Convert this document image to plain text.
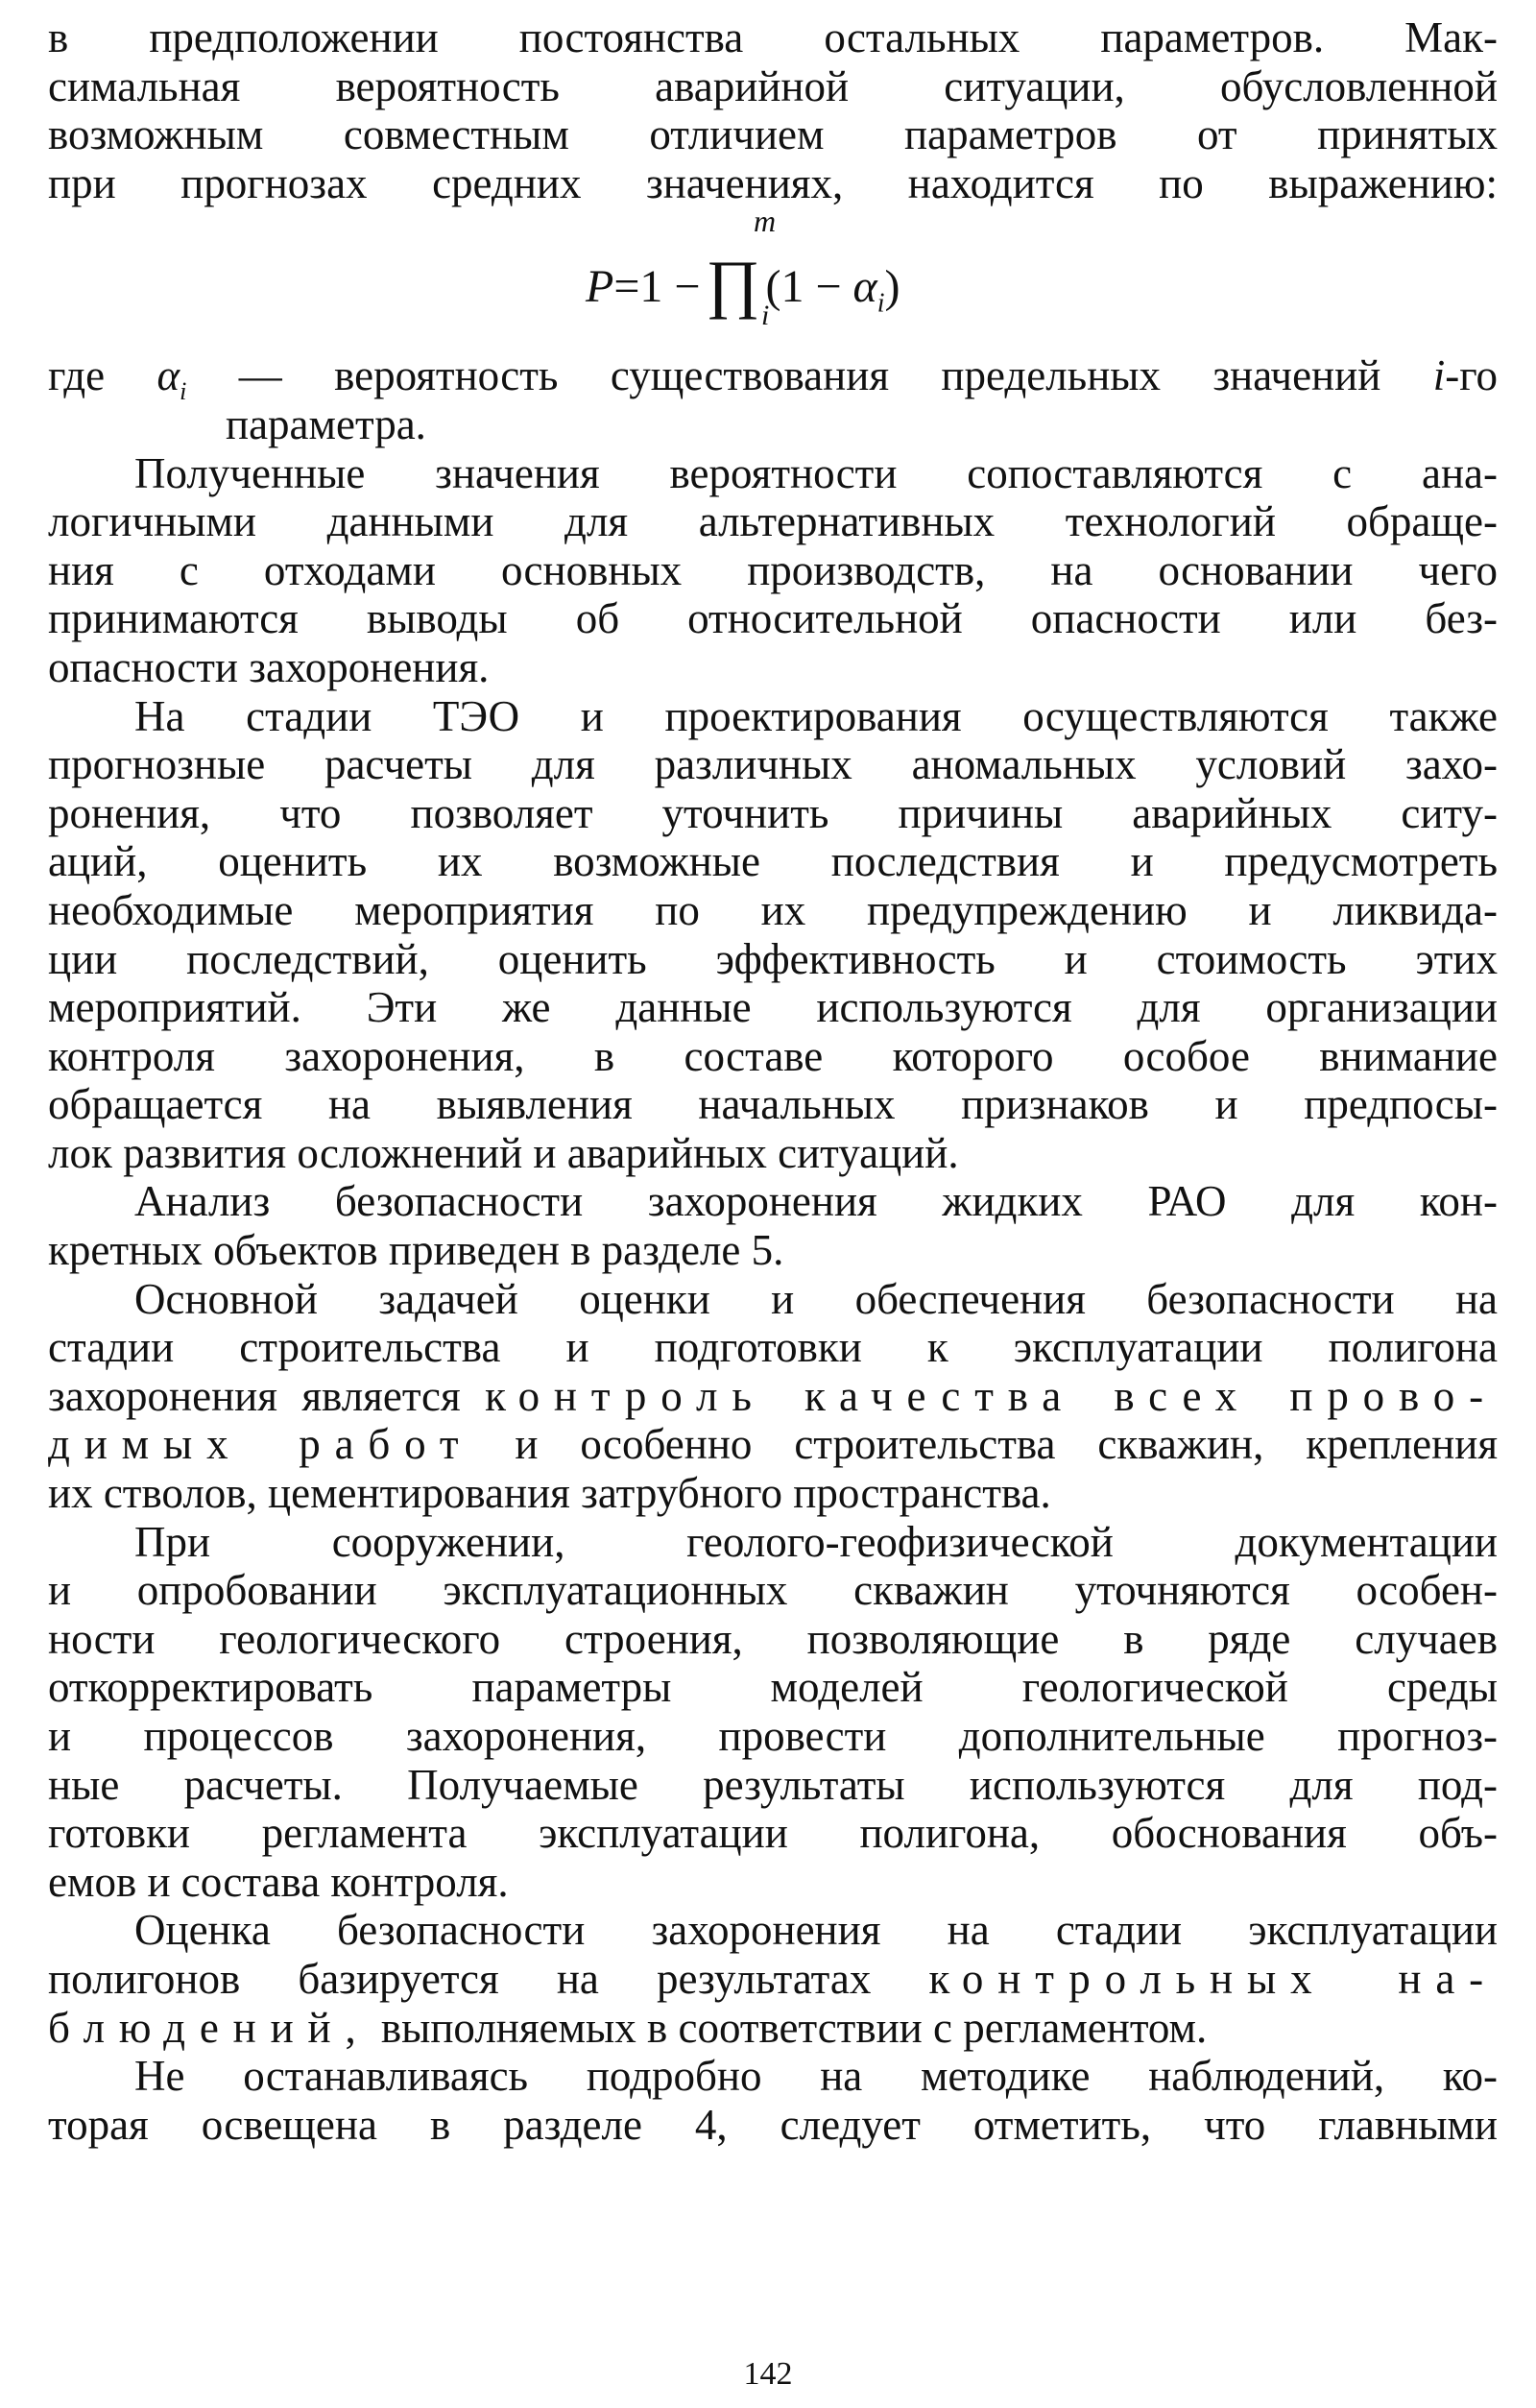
в предположении постоянства остальных параметров. Мак-
симальная вероятность аварийной ситуации, обусловленной
возможным совместным отличием параметров от принятых
при прогнозах средних значениях, находится по выражению:
P=1 −∏ $(1 - \alpha_i)$
m
i
где $\alpha_i$ — вероятность существования предельных значений i-го
параметра.
Полученные значения вероятности сопоставляются с ана-
логичными данными для альтернативных технологий обраще-
ния с отходами основных производств, на основании чего
принимаются выводы об относительной опасности или без-
опасности захоронения.
На стадии ТЭО и проектирования осуществляются также
прогнозные расчеты для различных аномальных условий захо-
ронения, что позволяет уточнить причины аварийных ситу-
аций, оценить их возможные последствия и предусмотреть
необходимые мероприятия по их предупреждению и ликвида-
ции последствий, оценить эффективность и стоимость этих
мероприятий. Эти же данные используются для организации
контроля захоронения, в составе которого особое внимание
обращается на выявления начальных признаков и предпосы-
лок развития осложнений и аварийных ситуаций.
Анализ безопасности захоронения жидких РАО для кон-
кретных объектов приведен в разделе 5.
Основной задачей оценки и обеспечения безопасности на
стадии строительства и подготовки к эксплуатации полигона
захоронения является контроль качества всех прово-
димых работ и особенно строительства скважин, крепления
их стволов, цементирования затрубного пространства.
При сооружении, геолого-геофизической документации
и опробовании эксплуатационных скважин уточняются особен-
ности геологического строения, позволяющие в ряде случаев
откорректировать параметры моделей геологической среды
и процессов захоронения, провести дополнительные прогноз-
ные расчеты. Получаемые результаты используются для под-
готовки регламента эксплуатации полигона, обоснования объ-
емов и состава контроля.
Оценка безопасности захоронения на стадии эксплуатации
полигонов базируется на результатах контрольных на-
блюдений, выполняемых в соответствии с регламентом.
Не останавливаясь подробно на методике наблюдений, ко-
торая освещена в разделе 4, следует отметить, что главными
142
